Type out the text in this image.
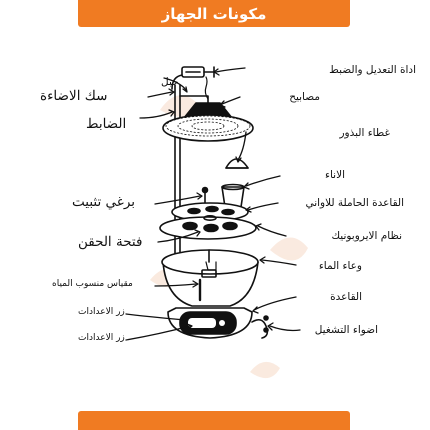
مكونات الجهاز
اداة التعديل والضبط
مصابيح
غطاء البذور
الاناء
القاعدة الحاملة للاواني
نظام الايروبونيك
وعاء الماء
القاعدة
اضواء التشغيل
حبل
سك الاضاءة
الضابط
برغي تثبيت
فتحة الحقن
مقياس منسوب المياه
زر الاعدادات
زر الاعدادات
